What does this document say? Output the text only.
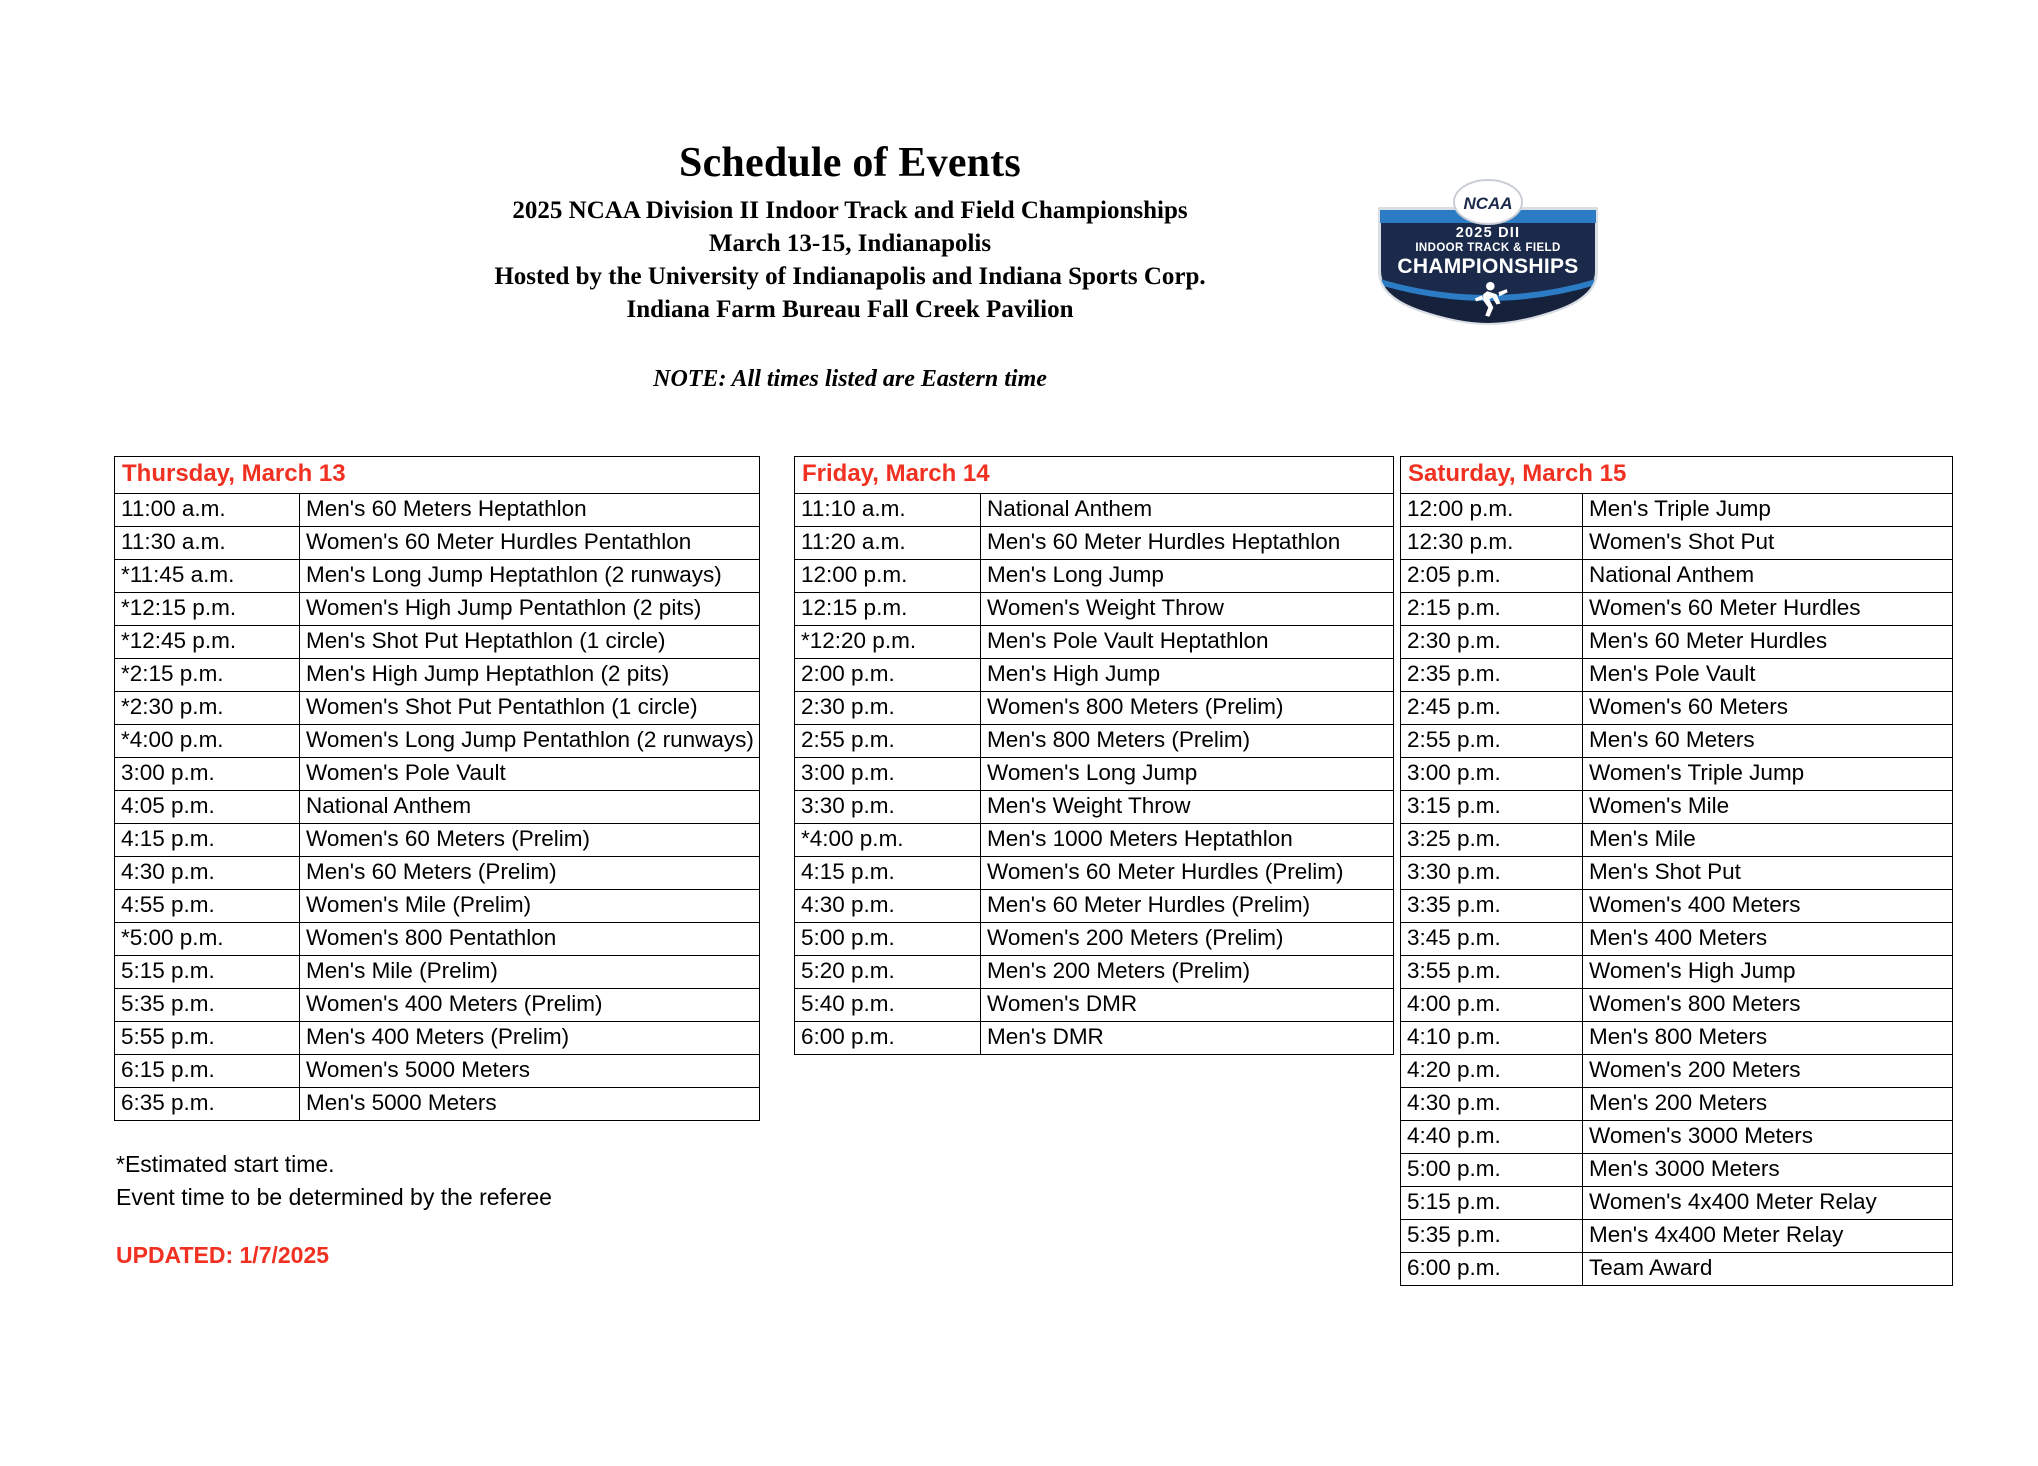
Schedule of Events
2025 NCAA Division II Indoor Track and Field Championships
March 13-15, Indianapolis
Hosted by the University of Indianapolis and Indiana Sports Corp.
Indiana Farm Bureau Fall Creek Pavilion
NOTE: All times listed are Eastern time
NCAA
2025 DII
INDOOR TRACK & FIELD
CHAMPIONSHIPS
Thursday, March 13	
11:00 a.m.	Men's 60 Meters Heptathlon
11:30 a.m.	Women's 60 Meter Hurdles Pentathlon
*11:45 a.m.	Men's Long Jump Heptathlon (2 runways)
*12:15 p.m.	Women's High Jump Pentathlon (2 pits)
*12:45 p.m.	Men's Shot Put Heptathlon (1 circle)
*2:15 p.m.	Men's High Jump Heptathlon (2 pits)
*2:30 p.m.	Women's Shot Put Pentathlon (1 circle)
*4:00 p.m.	Women's Long Jump Pentathlon (2 runways)
3:00 p.m.	Women's Pole Vault
4:05 p.m.	National Anthem
4:15 p.m.	Women's 60 Meters (Prelim)
4:30 p.m.	Men's 60 Meters (Prelim)
4:55 p.m.	Women's Mile (Prelim)
*5:00 p.m.	Women's 800 Pentathlon
5:15 p.m.	Men's Mile (Prelim)
5:35 p.m.	Women's 400 Meters (Prelim)
5:55 p.m.	Men's 400 Meters (Prelim)
6:15 p.m.	Women's 5000 Meters
6:35 p.m.	Men's 5000 Meters
Friday, March 14	
11:10 a.m.	National Anthem
11:20 a.m.	Men's 60 Meter Hurdles Heptathlon
12:00 p.m.	Men's Long Jump
12:15 p.m.	Women's Weight Throw
*12:20 p.m.	Men's Pole Vault Heptathlon
2:00 p.m.	Men's High Jump
2:30 p.m.	Women's 800 Meters (Prelim)
2:55 p.m.	Men's 800 Meters (Prelim)
3:00 p.m.	Women's Long Jump
3:30 p.m.	Men's Weight Throw
*4:00 p.m.	Men's 1000 Meters Heptathlon
4:15 p.m.	Women's 60 Meter Hurdles (Prelim)
4:30 p.m.	Men's 60 Meter Hurdles (Prelim)
5:00 p.m.	Women's 200 Meters (Prelim)
5:20 p.m.	Men's 200 Meters (Prelim)
5:40 p.m.	Women's DMR
6:00 p.m.	Men's DMR
Saturday, March 15	
12:00 p.m.	Men's Triple Jump
12:30 p.m.	Women's Shot Put
2:05 p.m.	National Anthem
2:15 p.m.	Women's 60 Meter Hurdles
2:30 p.m.	Men's 60 Meter Hurdles
2:35 p.m.	Men's Pole Vault
2:45 p.m.	Women's 60 Meters
2:55 p.m.	Men's 60 Meters
3:00 p.m.	Women's Triple Jump
3:15 p.m.	Women's Mile
3:25 p.m.	Men's Mile
3:30 p.m.	Men's Shot Put
3:35 p.m.	Women's 400 Meters
3:45 p.m.	Men's 400 Meters
3:55 p.m.	Women's High Jump
4:00 p.m.	Women's 800 Meters
4:10 p.m.	Men's 800 Meters
4:20 p.m.	Women's 200 Meters
4:30 p.m.	Men's 200 Meters
4:40 p.m.	Women's 3000 Meters
5:00 p.m.	Men's 3000 Meters
5:15 p.m.	Women's 4x400 Meter Relay
5:35 p.m.	Men's 4x400 Meter Relay
6:00 p.m.	Team Award
*Estimated start time.
Event time to be determined by the referee
UPDATED: 1/7/2025
